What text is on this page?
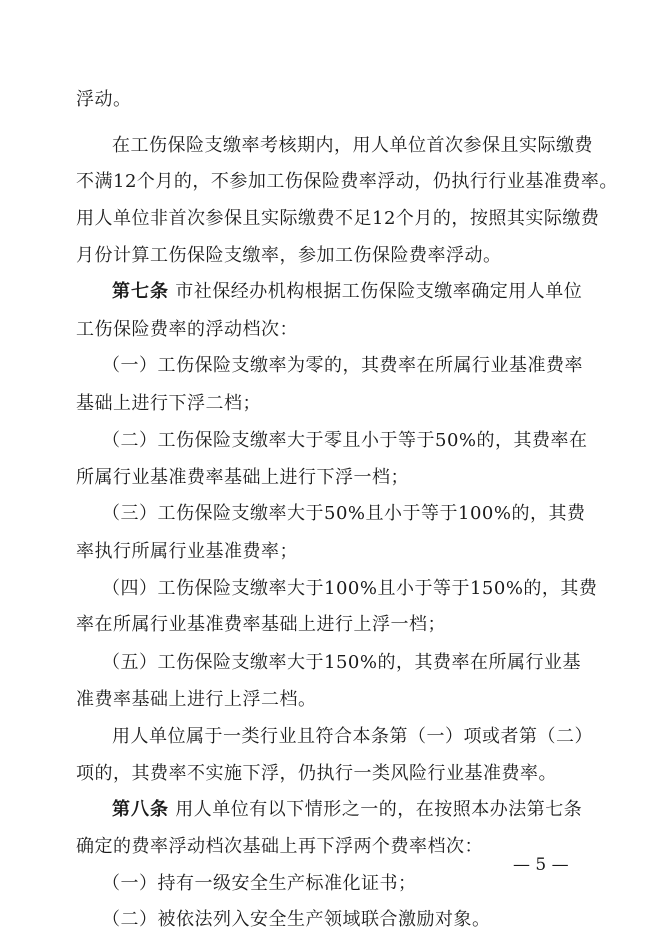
浮动。
在工伤保险支缴率考核期内，用人单位首次参保且实际缴费
不满12个月的，不参加工伤保险费率浮动，仍执行行业基准费率。
用人单位非首次参保且实际缴费不足12个月的，按照其实际缴费
月份计算工伤保险支缴率，参加工伤保险费率浮动。
第七条 市社保经办机构根据工伤保险支缴率确定用人单位
工伤保险费率的浮动档次：
（一）工伤保险支缴率为零的，其费率在所属行业基准费率
基础上进行下浮二档；
（二）工伤保险支缴率大于零且小于等于50%的，其费率在
所属行业基准费率基础上进行下浮一档；
（三）工伤保险支缴率大于50%且小于等于100%的，其费
率执行所属行业基准费率；
（四）工伤保险支缴率大于100%且小于等于150%的，其费
率在所属行业基准费率基础上进行上浮一档；
（五）工伤保险支缴率大于150%的，其费率在所属行业基
准费率基础上进行上浮二档。
用人单位属于一类行业且符合本条第（一）项或者第（二）
项的，其费率不实施下浮，仍执行一类风险行业基准费率。
第八条 用人单位有以下情形之一的，在按照本办法第七条
确定的费率浮动档次基础上再下浮两个费率档次：
（一）持有一级安全生产标准化证书；
（二）被依法列入安全生产领域联合激励对象。
— 5 —
